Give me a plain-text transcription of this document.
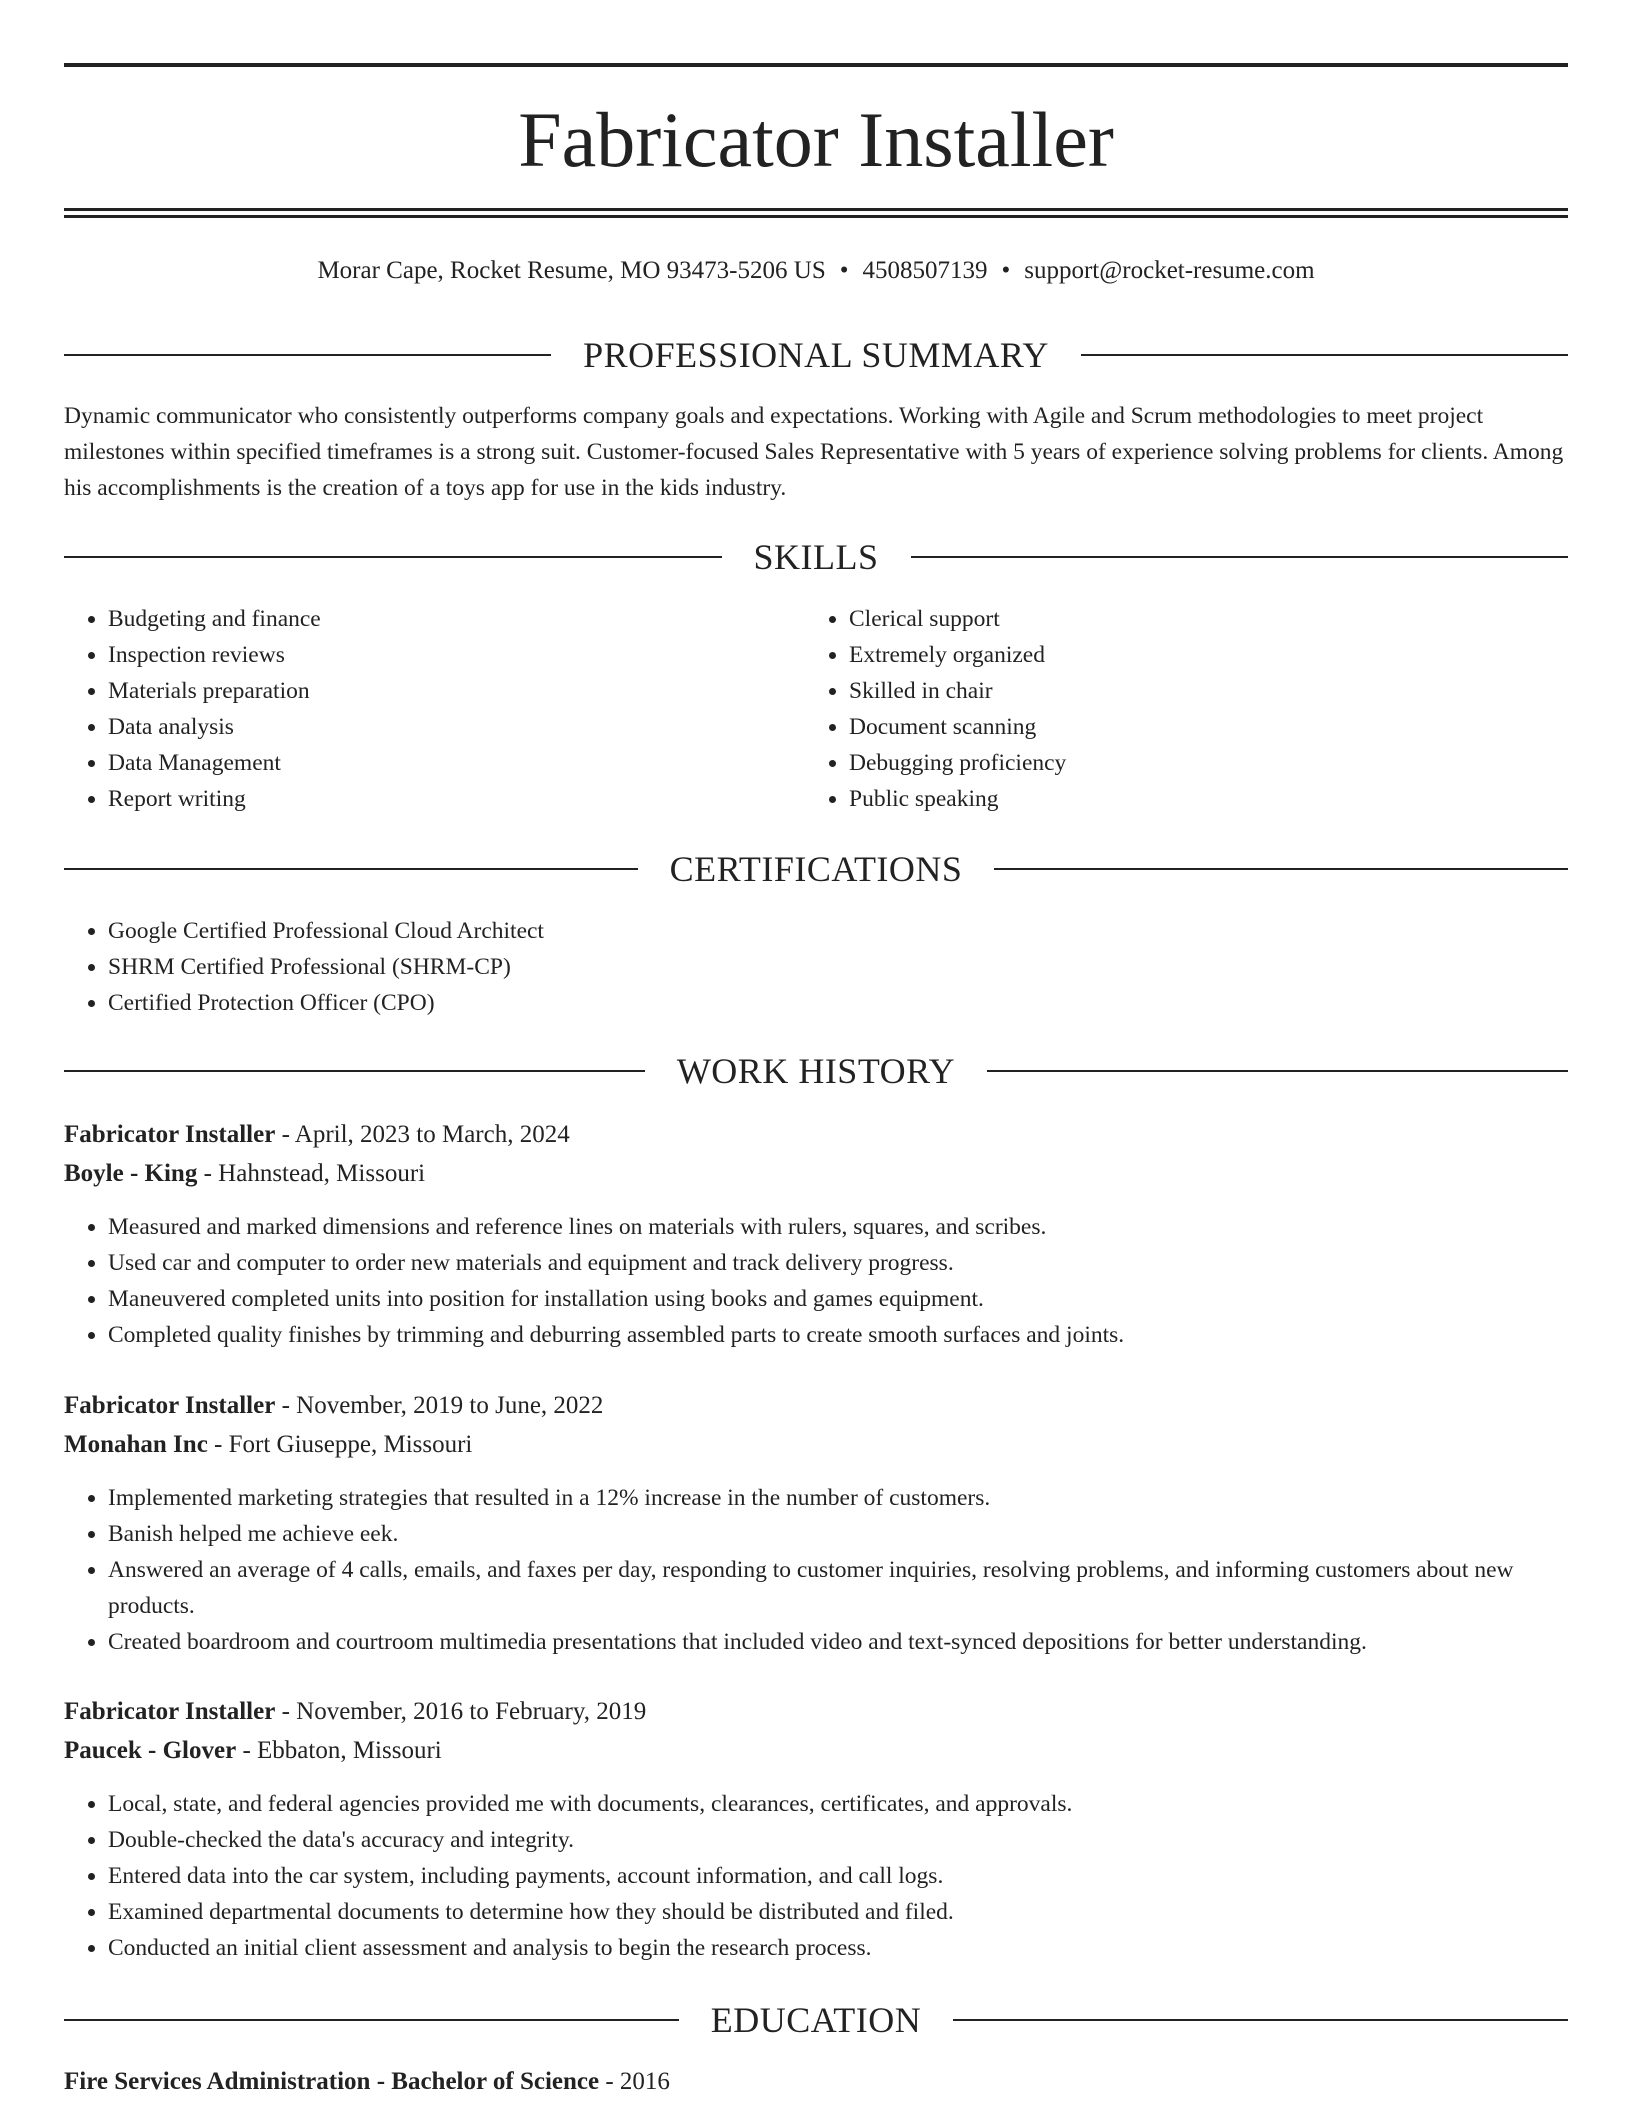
Fabricator Installer
Morar Cape, Rocket Resume, MO 93473-5206 US • 4508507139 • support@rocket-resume.com
PROFESSIONAL SUMMARY

Dynamic communicator who consistently outperforms company goals and expectations. Working with Agile and Scrum methodologies to meet project milestones within specified timeframes is a strong suit. Customer-focused Sales Representative with 5 years of experience solving problems for clients. Among his accomplishments is the creation of a toys app for use in the kids industry.

SKILLS
• Budgeting and finance
• Inspection reviews
• Materials preparation
• Data analysis
• Data Management
• Report writing
• Clerical support
• Extremely organized
• Skilled in chair
• Document scanning
• Debugging proficiency
• Public speaking
CERTIFICATIONS
• Google Certified Professional Cloud Architect
• SHRM Certified Professional (SHRM-CP)
• Certified Protection Officer (CPO)
WORK HISTORY
Fabricator Installer - April, 2023 to March, 2024
Boyle - King - Hahnstead, Missouri
• Measured and marked dimensions and reference lines on materials with rulers, squares, and scribes.
• Used car and computer to order new materials and equipment and track delivery progress.
• Maneuvered completed units into position for installation using books and games equipment.
• Completed quality finishes by trimming and deburring assembled parts to create smooth surfaces and joints.
Fabricator Installer - November, 2019 to June, 2022
Monahan Inc - Fort Giuseppe, Missouri
• Implemented marketing strategies that resulted in a 12% increase in the number of customers.
• Banish helped me achieve eek.
• Answered an average of 4 calls, emails, and faxes per day, responding to customer inquiries, resolving problems, and informing customers about new products.
• Created boardroom and courtroom multimedia presentations that included video and text-synced depositions for better understanding.
Fabricator Installer - November, 2016 to February, 2019
Paucek - Glover - Ebbaton, Missouri
• Local, state, and federal agencies provided me with documents, clearances, certificates, and approvals.
• Double-checked the data's accuracy and integrity.
• Entered data into the car system, including payments, account information, and call logs.
• Examined departmental documents to determine how they should be distributed and filed.
• Conducted an initial client assessment and analysis to begin the research process.
EDUCATION
Fire Services Administration - Bachelor of Science - 2016
